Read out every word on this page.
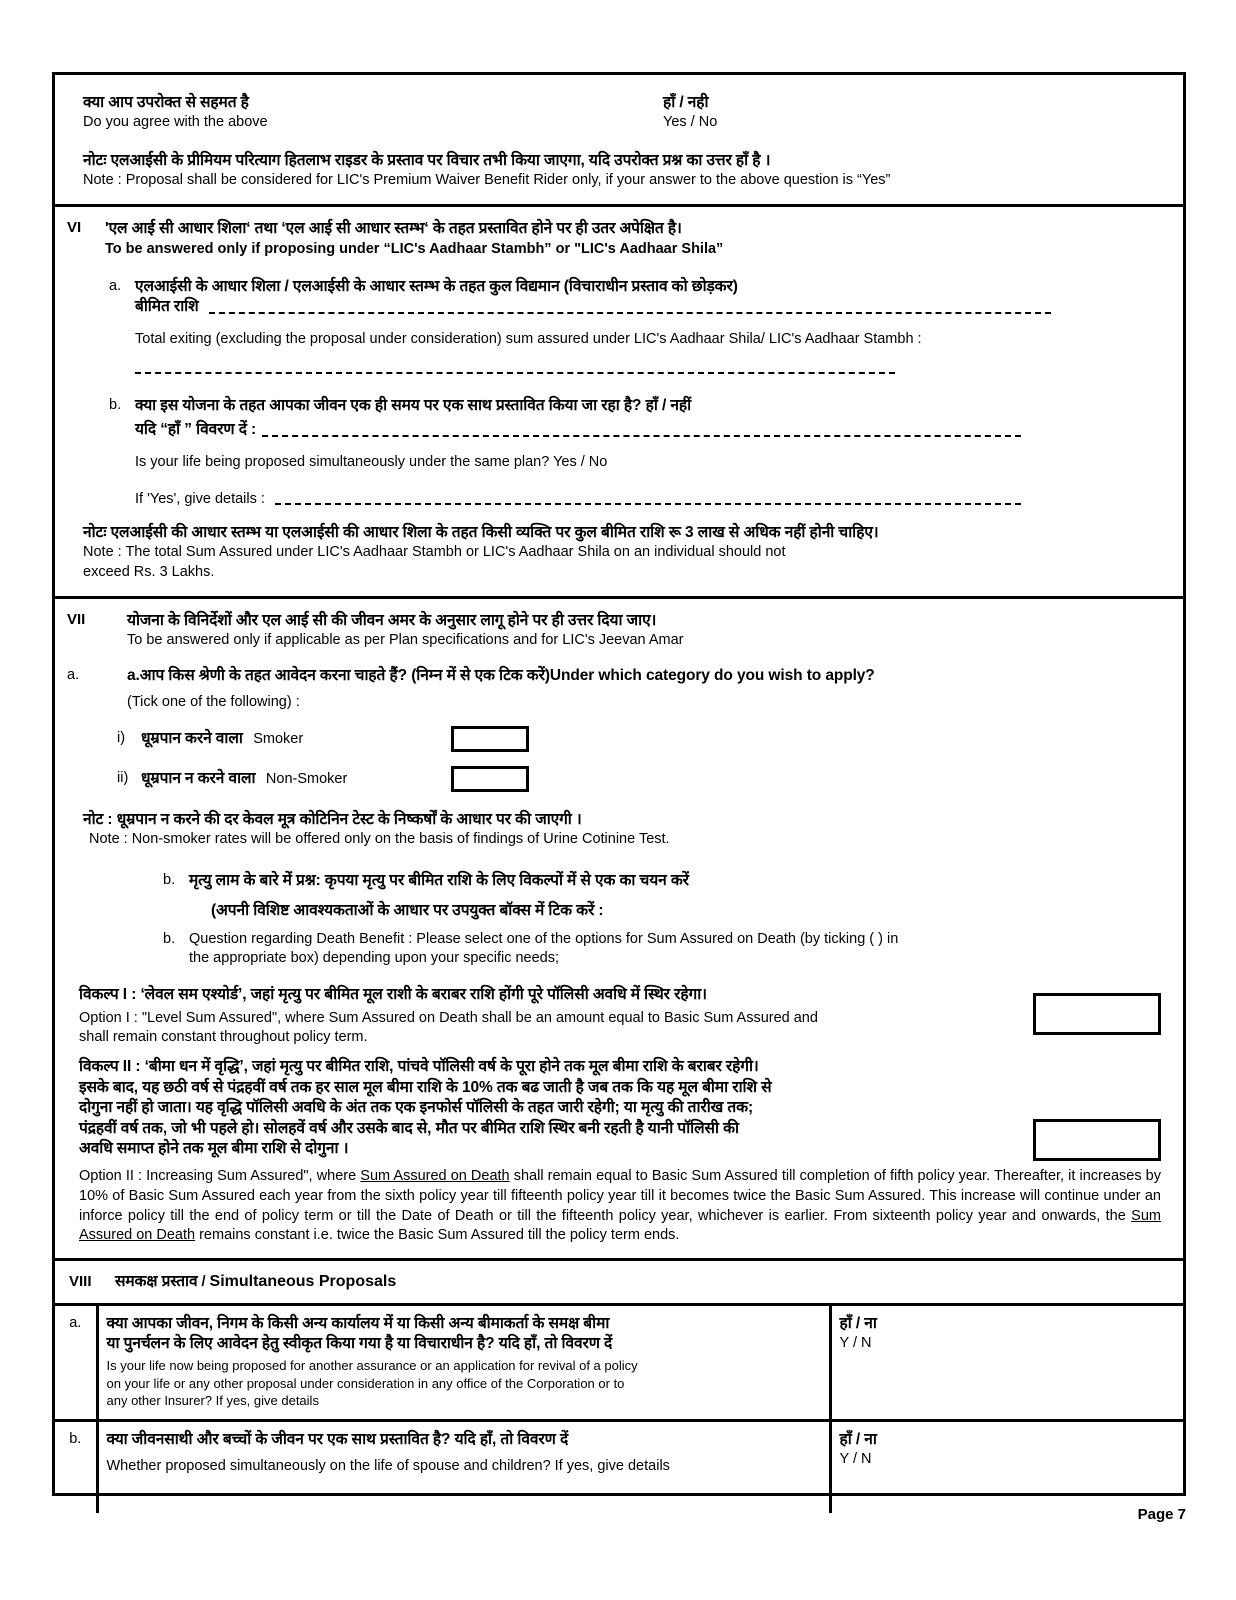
क्या आप उपरोक्त से सहमत है
Do you agree with the above
हाँ / नही
Yes / No
नोटः एलआईसी के प्रीमियम परित्याग हितलाभ राइडर के प्रस्ताव पर विचार तभी किया जाएगा, यदि उपरोक्त प्रश्न का उत्तर हाँ है ।
Note : Proposal shall be considered for LIC's Premium Waiver Benefit Rider only, if your answer to the above question is “Yes”
VI	'एल आई सी आधार शिला‘ तथा ‘एल आई सी आधार स्तम्भ‘ के तहत प्रस्तावित होने पर ही उतर अपेक्षित है।
To be answered only if proposing under “LIC's Aadhaar Stambh” or "LIC's Aadhaar Shila”
a. एलआईसी के आधार शिला / एलआईसी के आधार स्तम्भ के तहत कुल विद्यमान (विचाराधीन प्रस्ताव को छोड़कर)
बीमित राशि
Total exiting (excluding the proposal under consideration) sum assured under LIC's Aadhaar Shila/ LIC's Aadhaar Stambh :
b. क्या इस योजना के तहत आपका जीवन एक ही समय पर एक साथ प्रस्तावित किया जा रहा है? हाँ / नहीं
यदि “हाँ ” विवरण दें :
Is your life being proposed simultaneously under the same plan? Yes / No
If 'Yes', give details :
नोटः एलआईसी की आधार स्तम्भ या एलआईसी की आधार शिला के तहत किसी व्यक्ति पर कुल बीमित राशि रू 3 लाख से अधिक नहीं होनी चाहिए।
Note : The total Sum Assured under LIC's Aadhaar Stambh or LIC's Aadhaar Shila on an individual should not
exceed Rs. 3 Lakhs.
VII	योजना के विनिर्देशों और एल आई सी की जीवन अमर के अनुसार लागू होने पर ही उत्तर दिया जाए।
To be answered only if applicable as per Plan specifications and for LIC's Jeevan Amar
a.	a.आप किस श्रेणी के तहत आवेदन करना चाहते हैं? (निम्न में से एक टिक करें)Under which category do you wish to apply?
(Tick one of the following) :
i)	धूम्रपान करने वाला Smoker
ii) धूम्रपान न करने वाला Non-Smoker
नोट : धूम्रपान न करने की दर केवल मूत्र कोटिनिन टेस्ट के निष्कर्षों के आधार पर की जाएगी ।
Note : Non-smoker rates will be offered only on the basis of findings of Urine Cotinine Test.
b. मृत्यु लाम के बारे में प्रश्न: कृपया मृत्यु पर बीमित राशि के लिए विकल्पों में से एक का चयन करें
(अपनी विशिष्ट आवश्यकताओं के आधार पर उपयुक्त बॉक्स में टिक करें :
b. Question regarding Death Benefit : Please select one of the options for Sum Assured on Death (by ticking ( ) in
the appropriate box) depending upon your specific needs;
विकल्प I : ‘लेवल सम एश्योर्ड’, जहां मृत्यु पर बीमित मूल राशी के बराबर राशि होंगी पूरे पॉलिसी अवधि में स्थिर रहेगा।
Option I : "Level Sum Assured", where Sum Assured on Death shall be an amount equal to Basic Sum Assured and
shall remain constant throughout policy term.
विकल्प II : ‘बीमा धन में वृद्धि’, जहां मृत्यु पर बीमित राशि, पांचवे पॉलिसी वर्ष के पूरा होने तक मूल बीमा राशि के बराबर रहेगी।
इसके बाद, यह छठी वर्ष से पंद्रहवीं वर्ष तक हर साल मूल बीमा राशि के 10% तक बढ जाती है जब तक कि यह मूल बीमा राशि से
दोगुना नहीं हो जाता। यह वृद्धि पॉलिसी अवधि के अंत तक एक इनफोर्स पॉलिसी के तहत जारी रहेगी; या मृत्यु की तारीख तक;
पंद्रहवीं वर्ष तक, जो भी पहले हो। सोलहवें वर्ष और उसके बाद से, मौत पर बीमित राशि स्थिर बनी रहती है यानी पॉलिसी की
अवधि समाप्त होने तक मूल बीमा राशि से दोगुना ।
Option II : Increasing Sum Assured", where Sum Assured on Death shall remain equal to Basic Sum Assured till completion of fifth policy year. Thereafter, it increases by 10% of Basic Sum Assured each year from the sixth policy year till fifteenth policy year till it becomes twice the Basic Sum Assured. This increase will continue under an inforce policy till the end of policy term or till the Date of Death or till the fifteenth policy year, whichever is earlier. From sixteenth policy year and onwards, the Sum Assured on Death remains constant i.e. twice the Basic Sum Assured till the policy term ends.
VIII	समकक्ष प्रस्ताव / Simultaneous Proposals
a.	क्या आपका जीवन, निगम के किसी अन्य कार्यालय में या किसी अन्य बीमाकर्ता के समक्ष बीमा
या पुनर्चलन के लिए आवेदन हेतु स्वीकृत किया गया है या विचाराधीन है? यदि हाँ, तो विवरण दें
Is your life now being proposed for another assurance or an application for revival of a policy
on your life or any other proposal under consideration in any office of the Corporation or to
any other Insurer? If yes, give details

हाँ / ना
Y / N

b.	क्या जीवनसाथी और बच्चों के जीवन पर एक साथ प्रस्तावित है? यदि हाँ, तो विवरण दें
Whether proposed simultaneously on the life of spouse and children? If yes, give details

हाँ / ना
Y / N
Page 7
